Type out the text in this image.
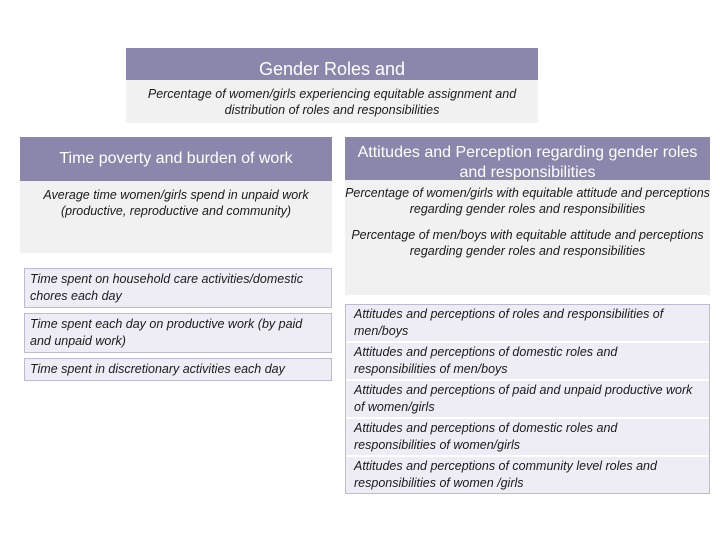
Gender Roles and
Percentage of women/girls experiencing equitable assignment and distribution of roles and responsibilities
Time poverty and burden of work
Average time women/girls spend in unpaid work (productive, reproductive and community)
Time spent on household care activities/domestic chores each day
Time spent each day on productive work (by paid and unpaid work)
Time spent in discretionary activities each day
Attitudes and Perception regarding gender roles and responsibilities

Percentage of women/girls with equitable attitude and perceptions regarding gender roles and responsibilities

Percentage of men/boys with equitable attitude and perceptions regarding gender roles and responsibilities

Attitudes and perceptions of roles and responsibilities of men/boys
Attitudes and perceptions of domestic roles and responsibilities of men/boys
Attitudes and perceptions of paid and unpaid productive work of women/girls
Attitudes and perceptions of domestic roles and responsibilities of women/girls
Attitudes and perceptions of community level roles and responsibilities of women /girls
